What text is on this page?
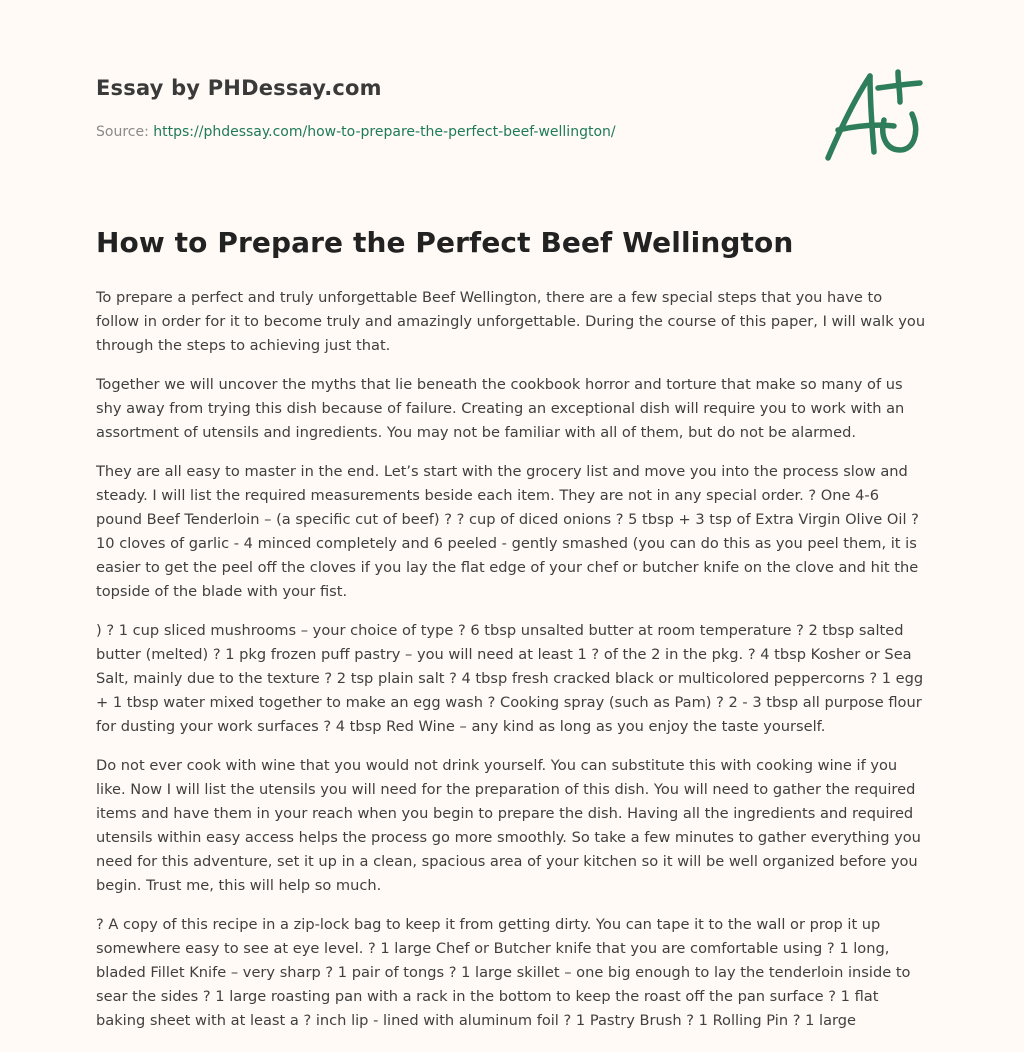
Essay by PHDessay.com
Source: https://phdessay.com/how-to-prepare-the-perfect-beef-wellington/
How to Prepare the Perfect Beef Wellington

To prepare a perfect and truly unforgettable Beef Wellington, there are a few special steps that you have to follow in order for it to become truly and amazingly unforgettable. During the course of this paper, I will walk you through the steps to achieving just that.

Together we will uncover the myths that lie beneath the cookbook horror and torture that make so many of us shy away from trying this dish because of failure. Creating an exceptional dish will require you to work with an assortment of utensils and ingredients. You may not be familiar with all of them, but do not be alarmed.

They are all easy to master in the end. Let’s start with the grocery list and move you into the process slow and steady. I will list the required measurements beside each item. They are not in any special order. ? One 4-6 pound Beef Tenderloin – (a specific cut of beef) ? ? cup of diced onions ? 5 tbsp + 3 tsp of Extra Virgin Olive Oil ? 10 cloves of garlic - 4 minced completely and 6 peeled - gently smashed (you can do this as you peel them, it is easier to get the peel off the cloves if you lay the flat edge of your chef or butcher knife on the clove and hit the topside of the blade with your fist.

) ? 1 cup sliced mushrooms – your choice of type ? 6 tbsp unsalted butter at room temperature ? 2 tbsp salted butter (melted) ? 1 pkg frozen puff pastry – you will need at least 1 ? of the 2 in the pkg. ? 4 tbsp Kosher or Sea Salt, mainly due to the texture ? 2 tsp plain salt ? 4 tbsp fresh cracked black or multicolored peppercorns ? 1 egg + 1 tbsp water mixed together to make an egg wash ? Cooking spray (such as Pam) ? 2 - 3 tbsp all purpose flour for dusting your work surfaces ? 4 tbsp Red Wine – any kind as long as you enjoy the taste yourself.

Do not ever cook with wine that you would not drink yourself. You can substitute this with cooking wine if you like. Now I will list the utensils you will need for the preparation of this dish. You will need to gather the required items and have them in your reach when you begin to prepare the dish. Having all the ingredients and required utensils within easy access helps the process go more smoothly. So take a few minutes to gather everything you need for this adventure, set it up in a clean, spacious area of your kitchen so it will be well organized before you begin. Trust me, this will help so much.

? A copy of this recipe in a zip-lock bag to keep it from getting dirty. You can tape it to the wall or prop it up somewhere easy to see at eye level. ? 1 large Chef or Butcher knife that you are comfortable using ? 1 long, bladed Fillet Knife – very sharp ? 1 pair of tongs ? 1 large skillet – one big enough to lay the tenderloin inside to sear the sides ? 1 large roasting pan with a rack in the bottom to keep the roast off the pan surface ? 1 flat baking sheet with at least a ? inch lip - lined with aluminum foil ? 1 Pastry Brush ? 1 Rolling Pin ? 1 large
